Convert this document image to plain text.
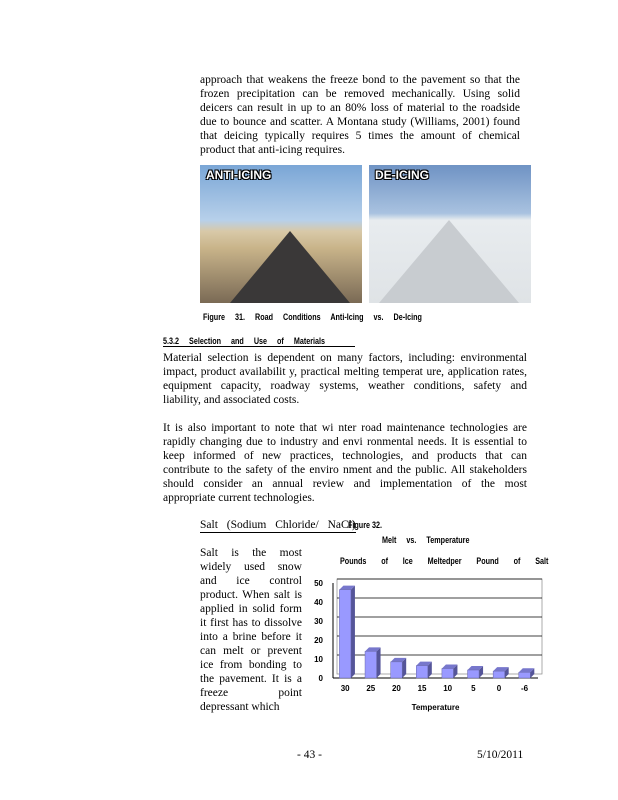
approach that weakens the freeze bond to the pavement so that the
frozen precipitation can be removed mechanically. Using solid
deicers can result in up to an 80% loss of material to the roadside
due to bounce and scatter. A Montana study (Williams, 2001) found
that deicing typically requires 5 times the amount of chemical
product that anti-icing requires.
ANTI-ICING	DE-ICING
Figure 31. Road Conditions Anti-Icing vs. De-Icing
5.3.2 Selection and Use of Materials
Material selection is dependent on many factors, including: environmental
impact, product availabilit y, practical melting temperat ure, application rates,
equipment capacity, roadway systems, weather conditions, safety and
liability, and associated costs.
It is also important to note that wi nter road maintenance technologies are
rapidly changing due to industry and envi ronmental needs. It is essential to
keep informed of new practices, technologies, and products that can
contribute to the safety of the enviro nment and the public. All stakeholders
should consider an annual review and implementation of the most
appropriate current technologies.
Salt (Sodium Chloride/ NaCl)
Salt is the most
widely used snow
and ice control
product. When salt is
applied in solid form
it first has to dissolve
into a brine before it
can melt or prevent
ice from bonding to
the pavement. It is a
freeze point
depressant which
Figure 32.
Melt vs. Temperature
Pounds of Ice Meltedper Pound of Salt
0
10
20
30
40
50
30 25 20 15 10 5	0 -6
Temperature
- 43 -	5/10/2011
